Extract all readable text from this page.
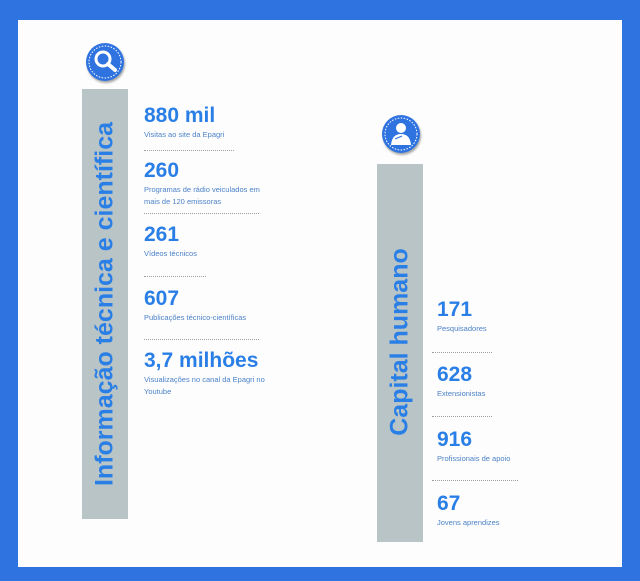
Informação técnica e científica
880 mil
Visitas ao site da Epagri
260
Programas de rádio veiculados em mais de 120 emissoras
261
Vídeos técnicos
607
Publicações técnico-científicas
3,7 milhões
Visualizações no canal da Epagri no Youtube	Capital humano 171
Pesquisadores
628
Extensionistas
916
Profissionais de apoio
67
Jovens aprendizes
